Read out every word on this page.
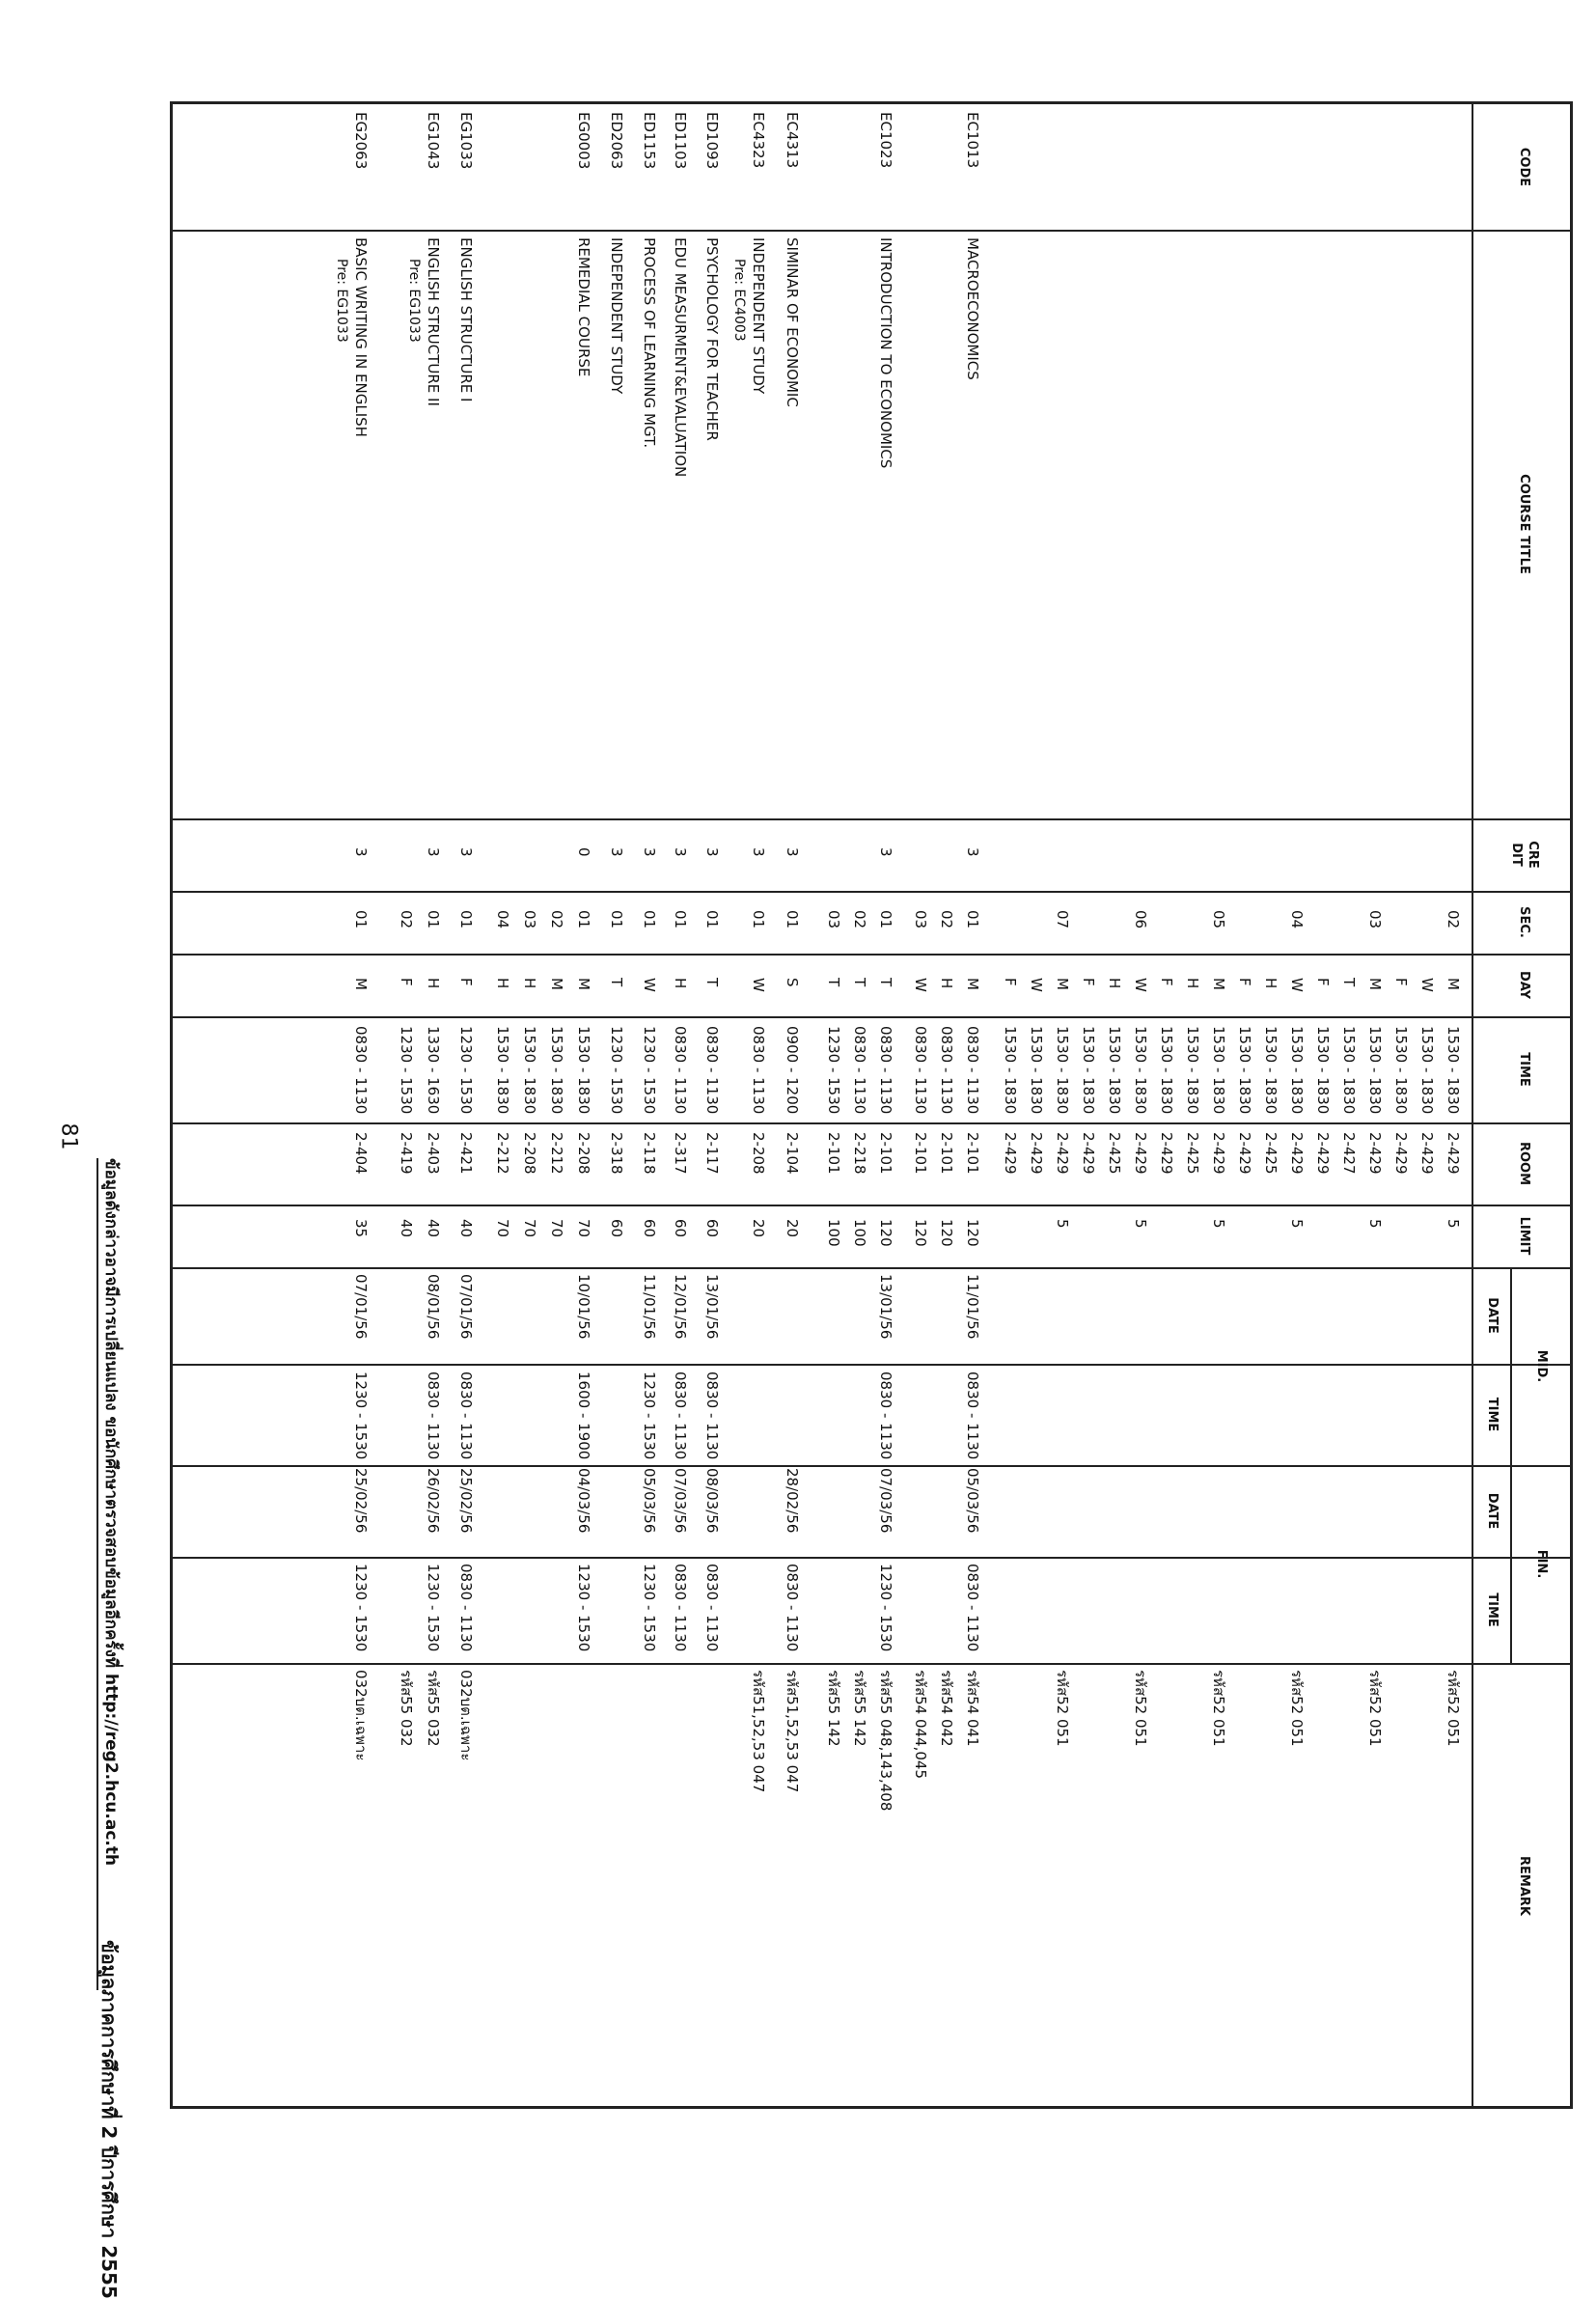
81
CODE
COURSE TITLE
CRE DIT
SEC.
DAY
TIME
ROOM
LIMIT
MID.
DATE
TIME
FIN.
DATE
TIME
REMARK
02
M
1530 - 1830
2-429
5
รหัส52 051
W
1530 - 1830
2-429
F
1530 - 1830
2-429
03
M
1530 - 1830
2-429
5
รหัส52 051
T
1530 - 1830
2-427
F
1530 - 1830
2-429
04
W
1530 - 1830
2-429
5
รหัส52 051
H
1530 - 1830
2-425
F
1530 - 1830
2-429
05
M
1530 - 1830
2-429
5
รหัส52 051
H
1530 - 1830
2-425
F
1530 - 1830
2-429
06
W
1530 - 1830
2-429
5
รหัส52 051
H
1530 - 1830
2-425
F
1530 - 1830
2-429
07
M
1530 - 1830
2-429
5
รหัส52 051
W
1530 - 1830
2-429
F
1530 - 1830
2-429
EC1013
MACROECONOMICS
3
01
M
0830 - 1130
2-101
120
11/01/56
0830 - 1130
05/03/56
0830 - 1130
รหัส54 041
02
H
0830 - 1130
2-101
120
รหัส54 042
03
W
0830 - 1130
2-101
120
รหัส54 044,045
EC1023
INTRODUCTION TO ECONOMICS
3
01
T
0830 - 1130
2-101
120
13/01/56
0830 - 1130
07/03/56
1230 - 1530
รหัส55 048,143,408
02
T
0830 - 1130
2-218
100
รหัส55 142
03
T
1230 - 1530
2-101
100
รหัส55 142
EC4313
SIMINAR OF ECONOMIC
3
01
S
0900 - 1200
2-104
20
28/02/56
0830 - 1130
รหัส51,52,53 047
EC4323
INDEPENDENT STUDY
3
01
W
0830 - 1130
2-208
20
รหัส51,52,53 047
Pre: EC4003
ED1093
PSYCHOLOGY FOR TEACHER
3
01
T
0830 - 1130
2-117
60
13/01/56
0830 - 1130
08/03/56
0830 - 1130
ED1103
EDU MEASURMENT&EVALUATION
3
01
H
0830 - 1130
2-317
60
12/01/56
0830 - 1130
07/03/56
0830 - 1130
ED1153
PROCESS OF LEARNING MGT.
3
01
W
1230 - 1530
2-118
60
11/01/56
1230 - 1530
05/03/56
1230 - 1530
ED2063
INDEPENDENT STUDY
3
01
T
1230 - 1530
2-318
60
EG0003
REMEDIAL COURSE
0
01
M
1530 - 1830
2-208
70
10/01/56
1600 - 1900
04/03/56
1230 - 1530
02
M
1530 - 1830
2-212
70
03
H
1530 - 1830
2-208
70
04
H
1530 - 1830
2-212
70
EG1033
ENGLISH STRUCTURE I
3
01
F
1230 - 1530
2-421
40
07/01/56
0830 - 1130
25/02/56
0830 - 1130
032บต.เฉพาะ
EG1043
ENGLISH STRUCTURE II
3
01
H
1330 - 1630
2-403
40
08/01/56
0830 - 1130
26/02/56
1230 - 1530
รหัส55 032
Pre: EG1033
02
F
1230 - 1530
2-419
40
รหัส55 032
EG2063
BASIC WRITING IN ENGLISH
3
01
M
0830 - 1130
2-404
35
07/01/56
1230 - 1530
25/02/56
1230 - 1530
032บต.เฉพาะ
Pre: EG1033
ข้อมูลดังกล่าวอาจมีการเปลี่ยนแปลง ขอนักศึกษาตรวจสอบข้อมูลอีกครั้งที่ http://reg2.hcu.ac.th
ข้อมูลภาคการศึกษาที่ 2 ปีการศึกษา 2555
